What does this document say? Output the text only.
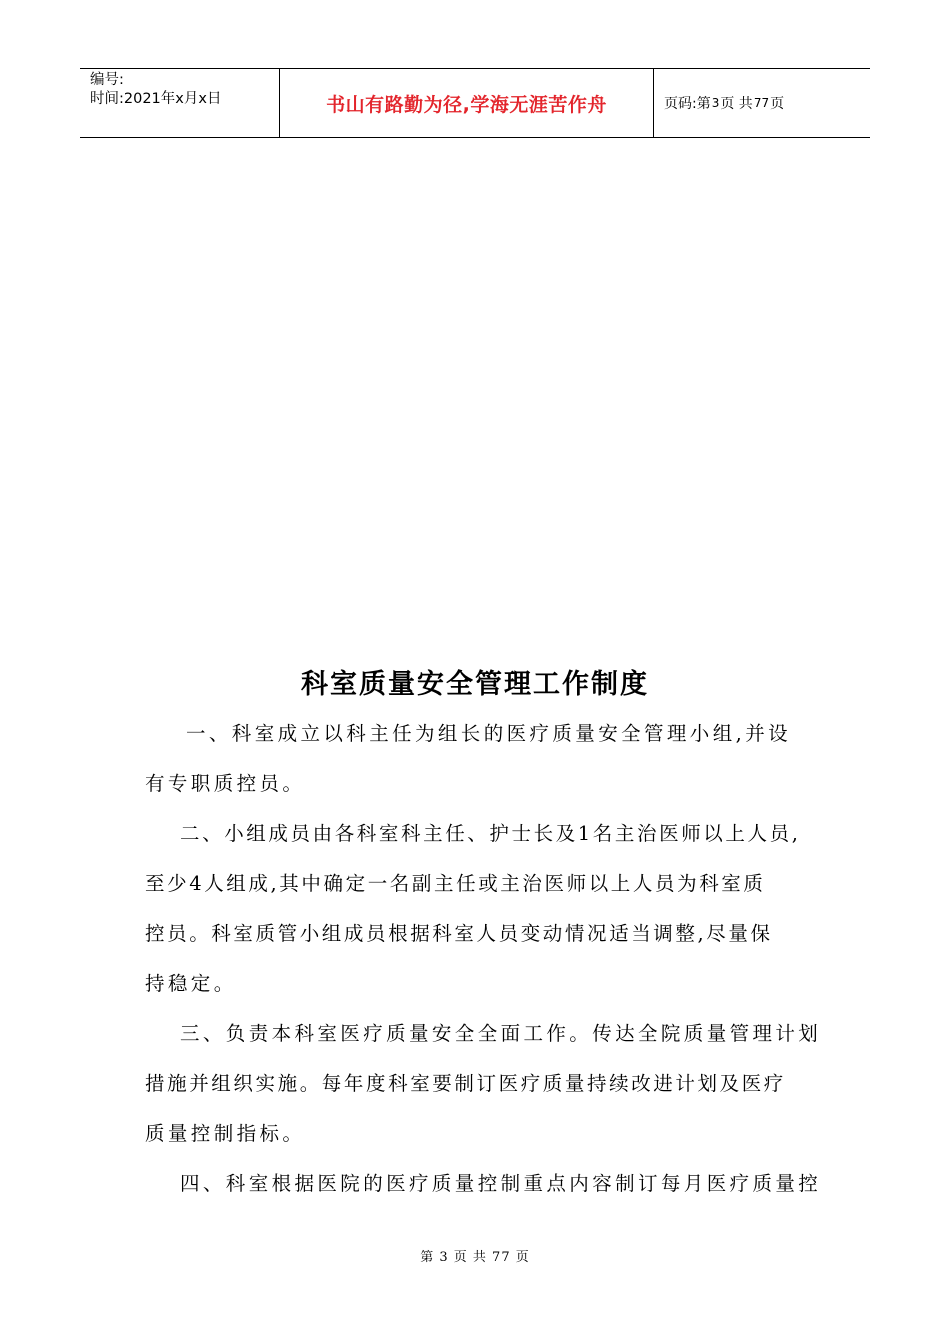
编号:
时间:2021年x月x日	书山有路勤为径,学海无涯苦作舟	页码:第 3 页 共 77 页
科室质量安全管理工作制度
一、科室成立以科主任为组长的医疗质量安全管理小组,并设
有专职质控员。
二、小组成员由各科室科主任、护士长及1名主治医师以上人员,
至少4人组成,其中确定一名副主任或主治医师以上人员为科室质
控员。科室质管小组成员根据科室人员变动情况适当调整,尽量保
持稳定。
三、负责本科室医疗质量安全全面工作。传达全院质量管理计划
措施并组织实施。每年度科室要制订医疗质量持续改进计划及医疗
质量控制指标。
四、科室根据医院的医疗质量控制重点内容制订每月医疗质量控
第 3 页 共 77 页
